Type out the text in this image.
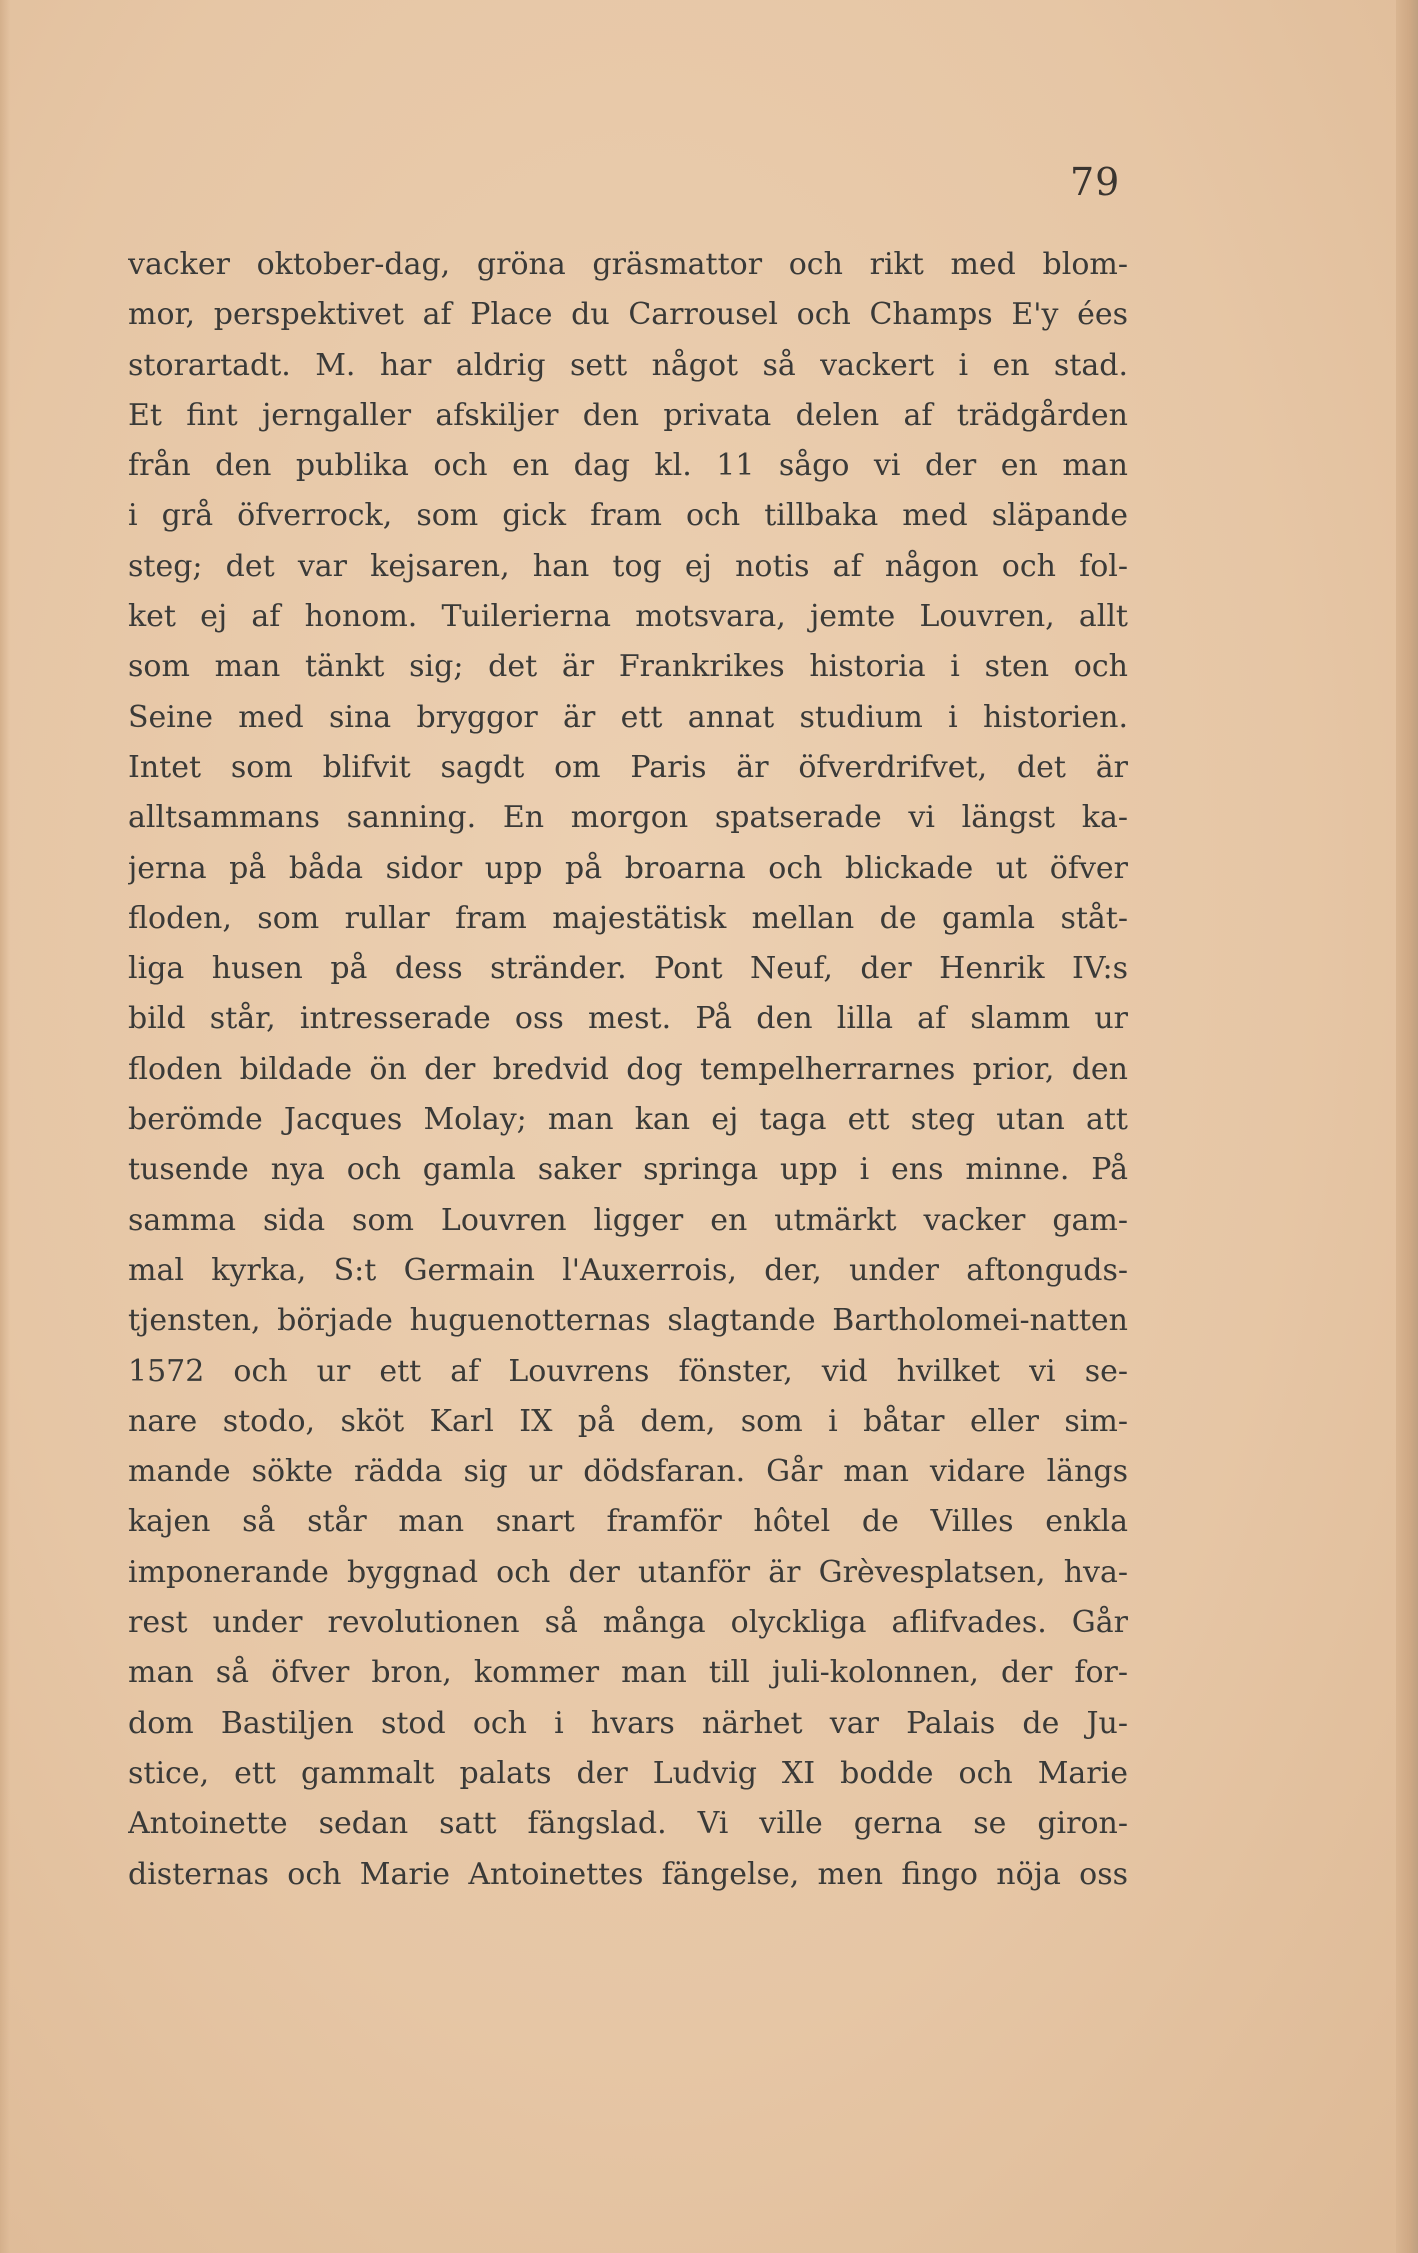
79
vacker oktober-dag, gröna gräsmattor och rikt med blom-
mor, perspektivet af Place du Carrousel och Champs E'y ées
storartadt. M. har aldrig sett något så vackert i en stad.
Et fint jerngaller afskiljer den privata delen af trädgården
från den publika och en dag kl. 11 sågo vi der en man
i grå öfverrock, som gick fram och tillbaka med släpande
steg; det var kejsaren, han tog ej notis af någon och fol-
ket ej af honom. Tuilerierna motsvara, jemte Louvren, allt
som man tänkt sig; det är Frankrikes historia i sten och
Seine med sina bryggor är ett annat studium i historien.
Intet som blifvit sagdt om Paris är öfverdrifvet, det är
alltsammans sanning. En morgon spatserade vi längst ka-
jerna på båda sidor upp på broarna och blickade ut öfver
floden, som rullar fram majestätisk mellan de gamla ståt-
liga husen på dess stränder. Pont Neuf, der Henrik IV:s
bild står, intresserade oss mest. På den lilla af slamm ur
floden bildade ön der bredvid dog tempelherrarnes prior, den
berömde Jacques Molay; man kan ej taga ett steg utan att
tusende nya och gamla saker springa upp i ens minne. På
samma sida som Louvren ligger en utmärkt vacker gam-
mal kyrka, S:t Germain l'Auxerrois, der, under aftonguds-
tjensten, började huguenotternas slagtande Bartholomei-natten
1572 och ur ett af Louvrens fönster, vid hvilket vi se-
nare stodo, sköt Karl IX på dem, som i båtar eller sim-
mande sökte rädda sig ur dödsfaran. Går man vidare längs
kajen så står man snart framför hôtel de Villes enkla
imponerande byggnad och der utanför är Grèvesplatsen, hva-
rest under revolutionen så många olyckliga aflifvades. Går
man så öfver bron, kommer man till juli-kolonnen, der for-
dom Bastiljen stod och i hvars närhet var Palais de Ju-
stice, ett gammalt palats der Ludvig XI bodde och Marie
Antoinette sedan satt fängslad. Vi ville gerna se giron-
disternas och Marie Antoinettes fängelse, men fingo nöja oss
